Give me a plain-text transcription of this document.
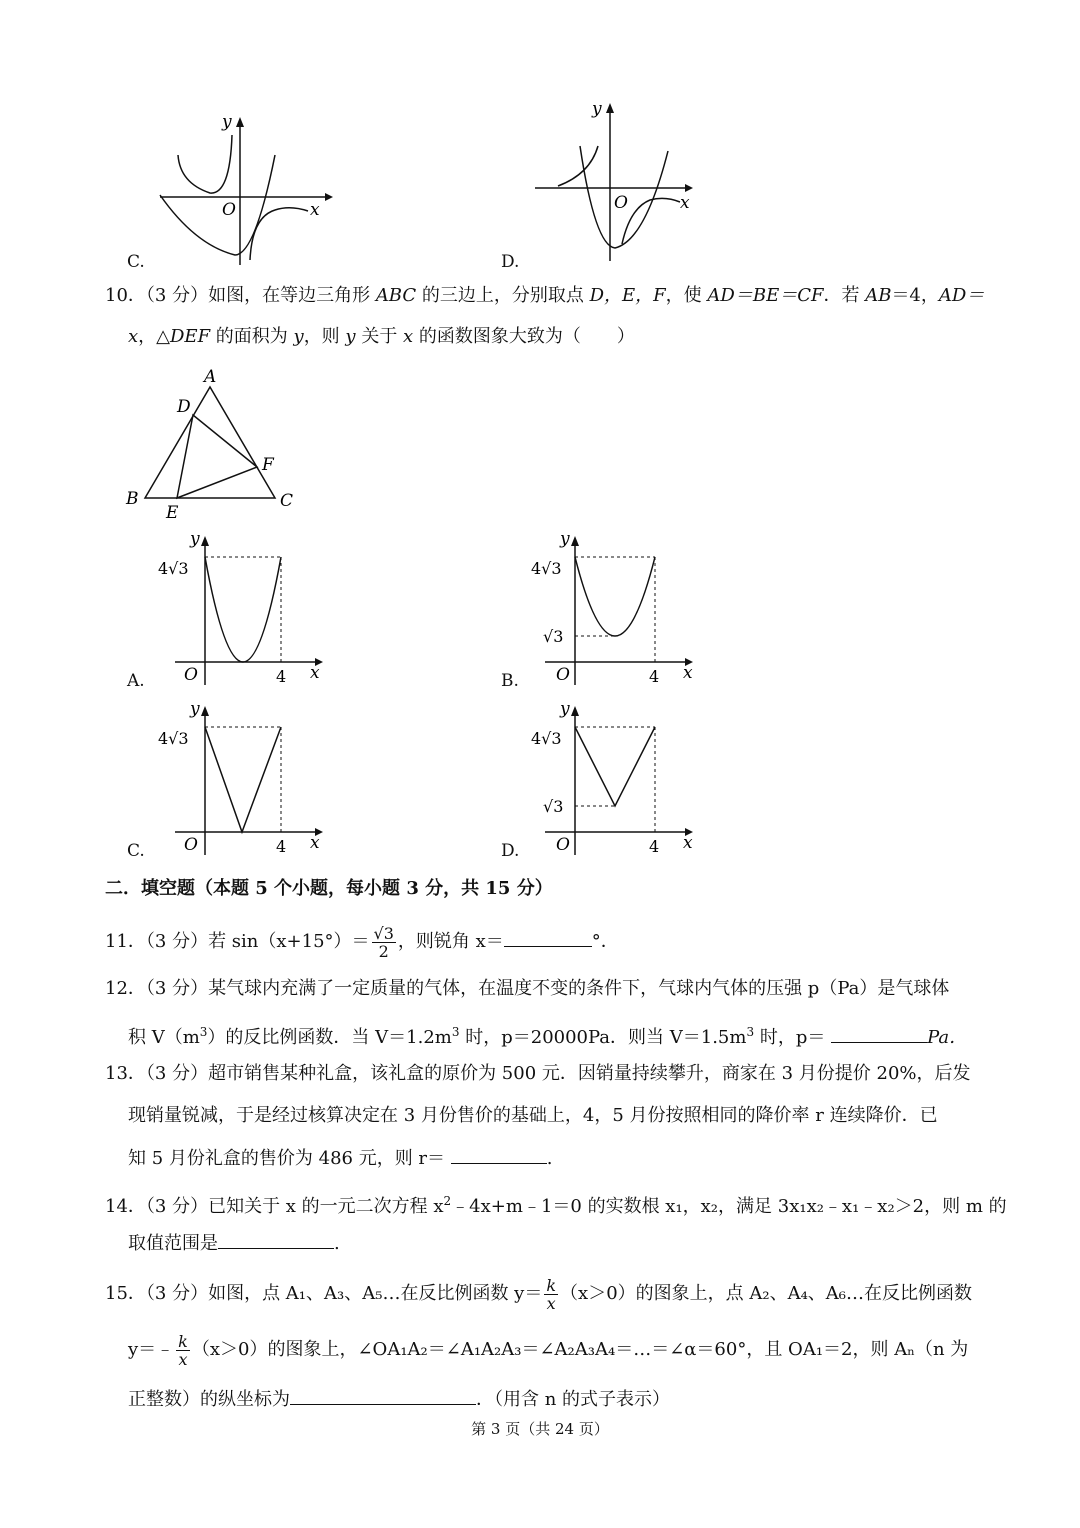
y
x
O
C.
y
x
O
D.
10．（3 分）如图，在等边三角形 ABC 的三边上，分别取点 D，E，F，使 AD＝BE＝CF．若 AB＝4，AD＝
x，△DEF 的面积为 y，则 y 关于 x 的函数图象大致为（　　）
A
B	C
D
E
F
y
x
O	4
4√3
A.
y
x
O	4
4√3
√3
B.
y
x
O	4
4√3
C.
y
x
O	4
4√3
√3
D.
二．填空题（本题 5 个小题，每小题 3 分，共 15 分）
11．（3 分）若 $\sin(x+15^\circ)= \frac{√3}{2}$ ，则锐角 x＝	°．
12．（3 分）某气球内充满了一定质量的气体，在温度不变的条件下，气球内气体的压强 p（Pa）是气球体
积 $V(m^3)$的反比例函数．当 $V=1.2m^3$ 时，p＝20000Pa．则当 $V=1.5m^3$ 时，p＝	Pa．
13．（3 分）超市销售某种礼盒，该礼盒的原价为 500 元．因销量持续攀升，商家在 3 月份提价 20%，后发
现销量锐减，于是经过核算决定在 3 月份售价的基础上，4，5 月份按照相同的降价率 r 连续降价．已
知 5 月份礼盒的售价为 486 元，则 r＝	.
14．（3 分）已知关于 x 的一元二次方程 $x^2﹣4x+m﹣1=0$ 的实数根 x₁，x₂，满足 3x₁x₂﹣x₁﹣x₂＞2，则 m 的
取值范围是	.
15．（3 分）如图，点 A₁、A₃、A₅…在反比例函数 $y= \frac{k}{x} (x>0)$的图象上，点 A₂、A₄、A₆…在反比例函数
y＝﹣ $\frac{k}{x} (x>0)$的图象上，∠OA₁A₂＝∠A₁A₂A₃＝∠A₂A₃A₄＝…＝∠α＝60°，且 OA₁＝2，则 Aₙ（n 为
正整数）的纵坐标为	．（用含 n 的式子表示）
第 3 页（共 24 页）
